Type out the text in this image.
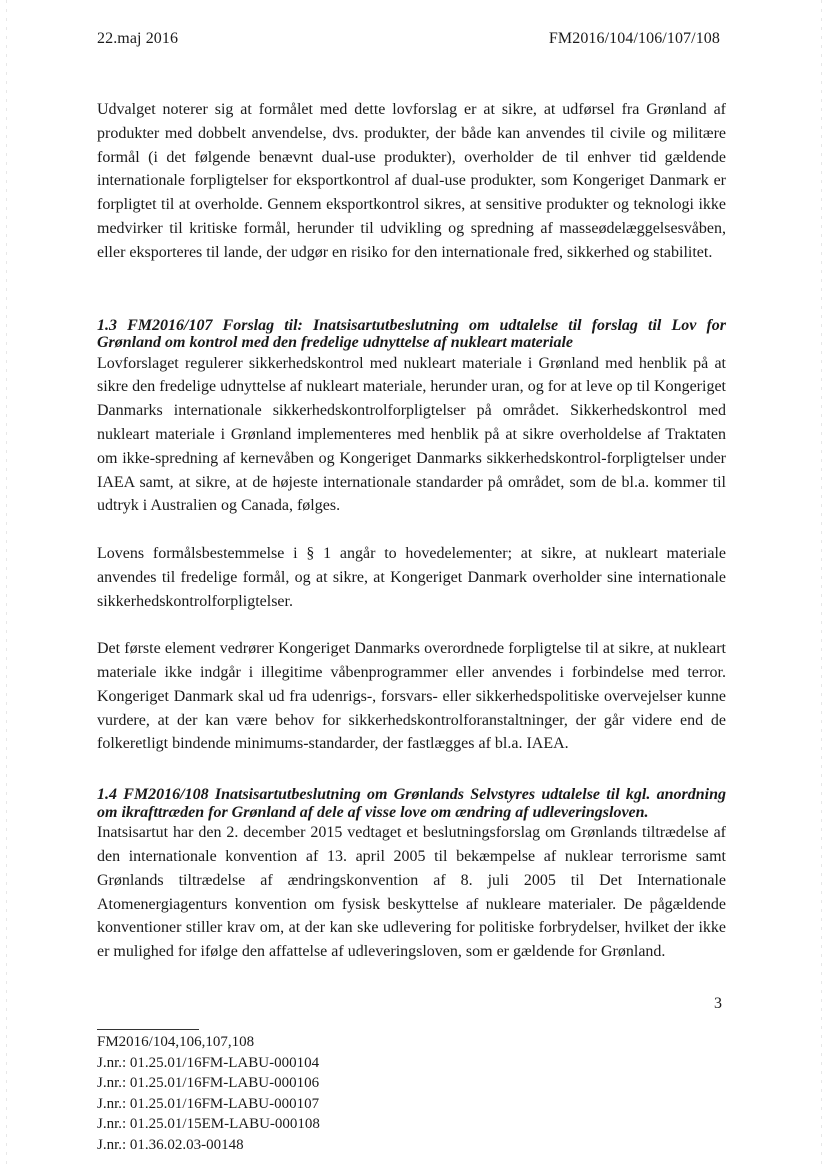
22.maj 2016	FM2016/104/106/107/108

Udvalget noterer sig at formålet med dette lovforslag er at sikre, at udførsel fra Grønland af produkter med dobbelt anvendelse, dvs. produkter, der både kan anvendes til civile og militære formål (i det følgende benævnt dual-use produkter), overholder de til enhver tid gældende internationale forpligtelser for eksportkontrol af dual-use produkter, som Kongeriget Danmark er forpligtet til at overholde. Gennem eksportkontrol sikres, at sensitive produkter og teknologi ikke medvirker til kritiske formål, herunder til udvikling og spredning af masseødelæggelsesvåben, eller eksporteres til lande, der udgør en risiko for den internationale fred, sikkerhed og stabilitet.

1.3 FM2016/107 Forslag til: Inatsisartutbeslutning om udtalelse til forslag til Lov for Grønland om kontrol med den fredelige udnyttelse af nukleart materiale

Lovforslaget regulerer sikkerhedskontrol med nukleart materiale i Grønland med henblik på at sikre den fredelige udnyttelse af nukleart materiale, herunder uran, og for at leve op til Kongeriget Danmarks internationale sikkerhedskontrolforpligtelser på området. Sikkerhedskontrol med nukleart materiale i Grønland implementeres med henblik på at sikre overholdelse af Traktaten om ikke-spredning af kernevåben og Kongeriget Danmarks sikkerhedskontrol-forpligtelser under IAEA samt, at sikre, at de højeste internationale standarder på området, som de bl.a. kommer til udtryk i Australien og Canada, følges.

Lovens formålsbestemmelse i § 1 angår to hovedelementer; at sikre, at nukleart materiale anvendes til fredelige formål, og at sikre, at Kongeriget Danmark overholder sine internationale sikkerhedskontrolforpligtelser.

Det første element vedrører Kongeriget Danmarks overordnede forpligtelse til at sikre, at nukleart materiale ikke indgår i illegitime våbenprogrammer eller anvendes i forbindelse med terror. Kongeriget Danmark skal ud fra udenrigs-, forsvars- eller sikkerhedspolitiske overvejelser kunne vurdere, at der kan være behov for sikkerhedskontrolforanstaltninger, der går videre end de folkeretligt bindende minimums-standarder, der fastlægges af bl.a. IAEA.

1.4 FM2016/108 Inatsisartutbeslutning om Grønlands Selvstyres udtalelse til kgl. anordning om ikrafttræden for Grønland af dele af visse love om ændring af udleveringsloven.

Inatsisartut har den 2. december 2015 vedtaget et beslutningsforslag om Grønlands tiltrædelse af den internationale konvention af 13. april 2005 til bekæmpelse af nuklear terrorisme samt Grønlands tiltrædelse af ændringskonvention af 8. juli 2005 til Det Internationale Atomenergiagenturs konvention om fysisk beskyttelse af nukleare materialer. De pågældende konventioner stiller krav om, at der kan ske udlevering for politiske forbrydelser, hvilket der ikke er mulighed for ifølge den affattelse af udleveringsloven, som er gældende for Grønland.

3
FM2016/104,106,107,108
J.nr.: 01.25.01/16FM-LABU-000104
J.nr.: 01.25.01/16FM-LABU-000106
J.nr.: 01.25.01/16FM-LABU-000107
J.nr.: 01.25.01/15EM-LABU-000108
J.nr.: 01.36.02.03-00148
